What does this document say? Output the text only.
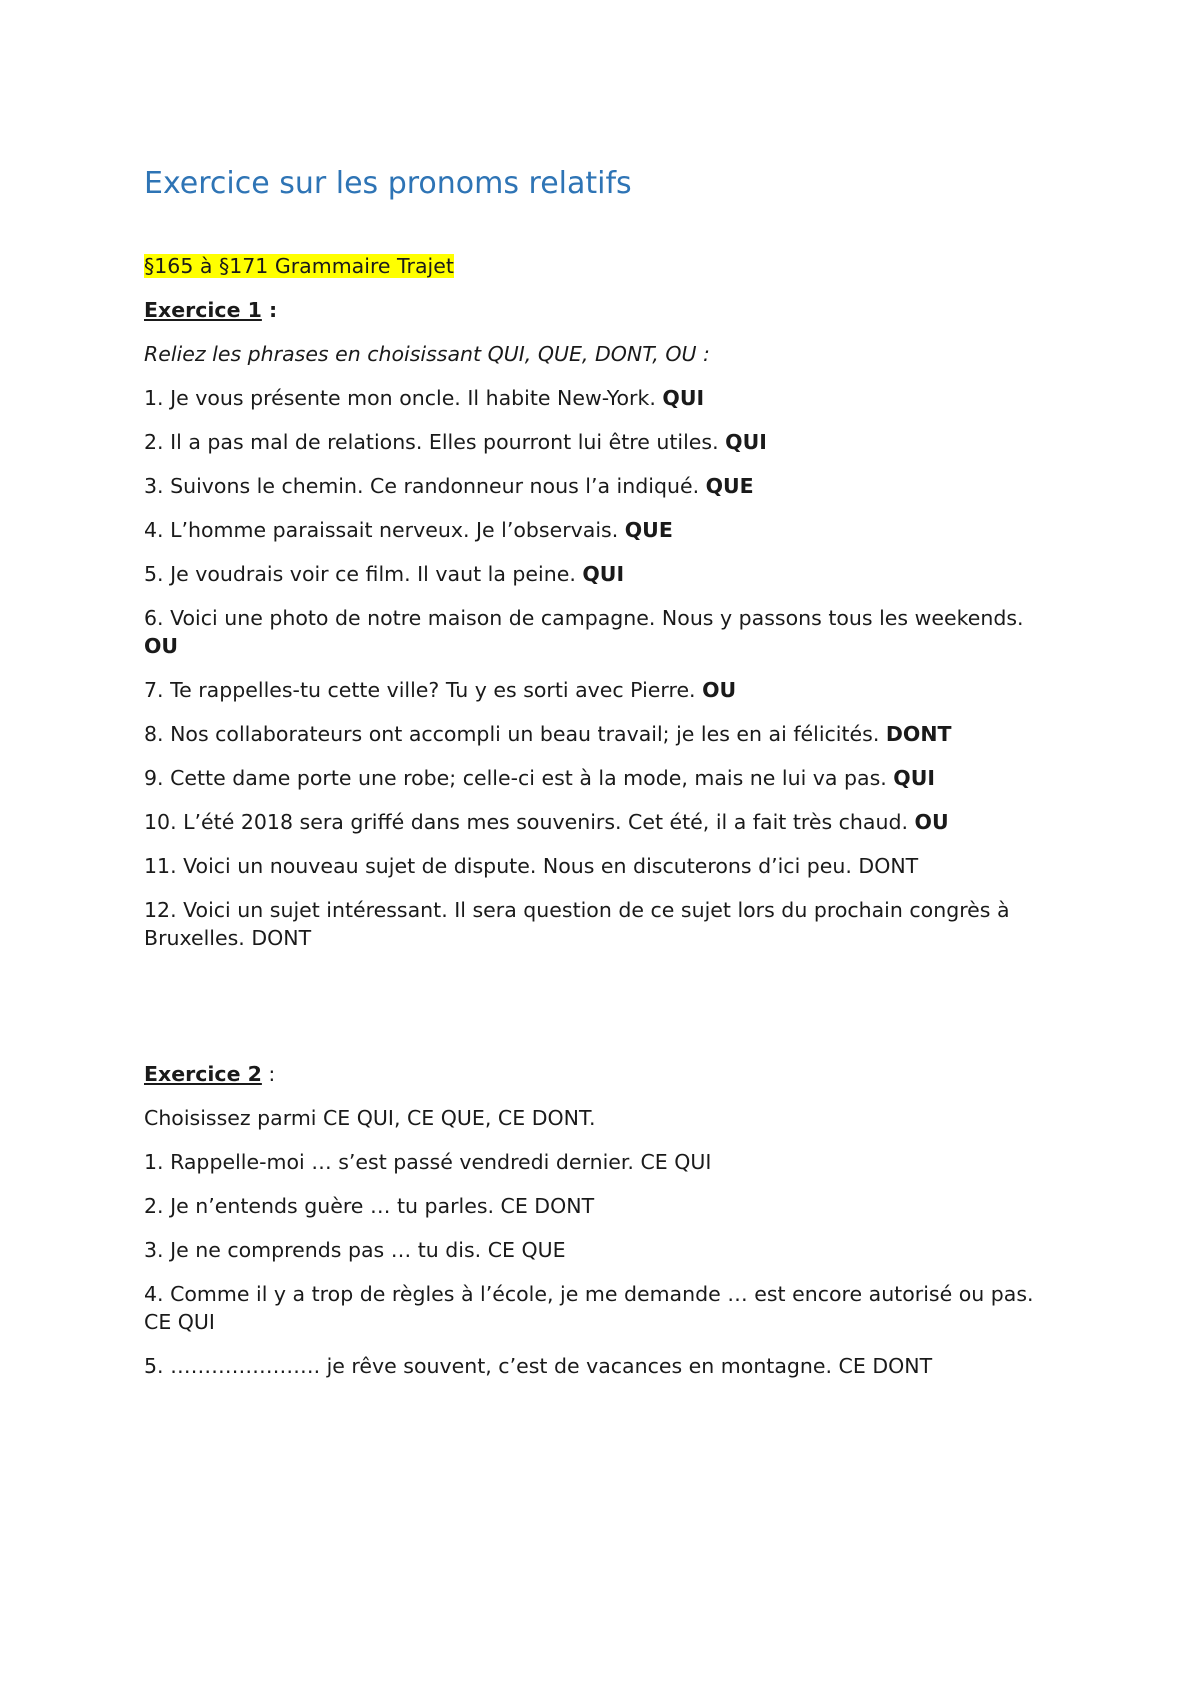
Exercice sur les pronoms relatifs

§165 à §171 Grammaire Trajet

Exercice 1 :

Reliez les phrases en choisissant QUI, QUE, DONT, OU :

1. Je vous présente mon oncle. Il habite New-York. QUI

2. Il a pas mal de relations. Elles pourront lui être utiles. QUI

3. Suivons le chemin. Ce randonneur nous l’a indiqué. QUE

4. L’homme paraissait nerveux. Je l’observais. QUE

5. Je voudrais voir ce film. Il vaut la peine. QUI

6. Voici une photo de notre maison de campagne. Nous y passons tous les weekends. OU

7. Te rappelles-tu cette ville? Tu y es sorti avec Pierre. OU

8. Nos collaborateurs ont accompli un beau travail; je les en ai félicités. DONT

9. Cette dame porte une robe; celle-ci est à la mode, mais ne lui va pas. QUI

10. L’été 2018 sera griffé dans mes souvenirs. Cet été, il a fait très chaud. OU

11. Voici un nouveau sujet de dispute. Nous en discuterons d’ici peu. DONT

12. Voici un sujet intéressant. Il sera question de ce sujet lors du prochain congrès à Bruxelles. DONT

Exercice 2 :

Choisissez parmi CE QUI, CE QUE, CE DONT.

1. Rappelle-moi … s’est passé vendredi dernier. CE QUI

2. Je n’entends guère … tu parles. CE DONT

3. Je ne comprends pas … tu dis. CE QUE

4. Comme il y a trop de règles à l’école, je me demande … est encore autorisé ou pas. CE QUI

5. …………………. je rêve souvent, c’est de vacances en montagne. CE DONT
